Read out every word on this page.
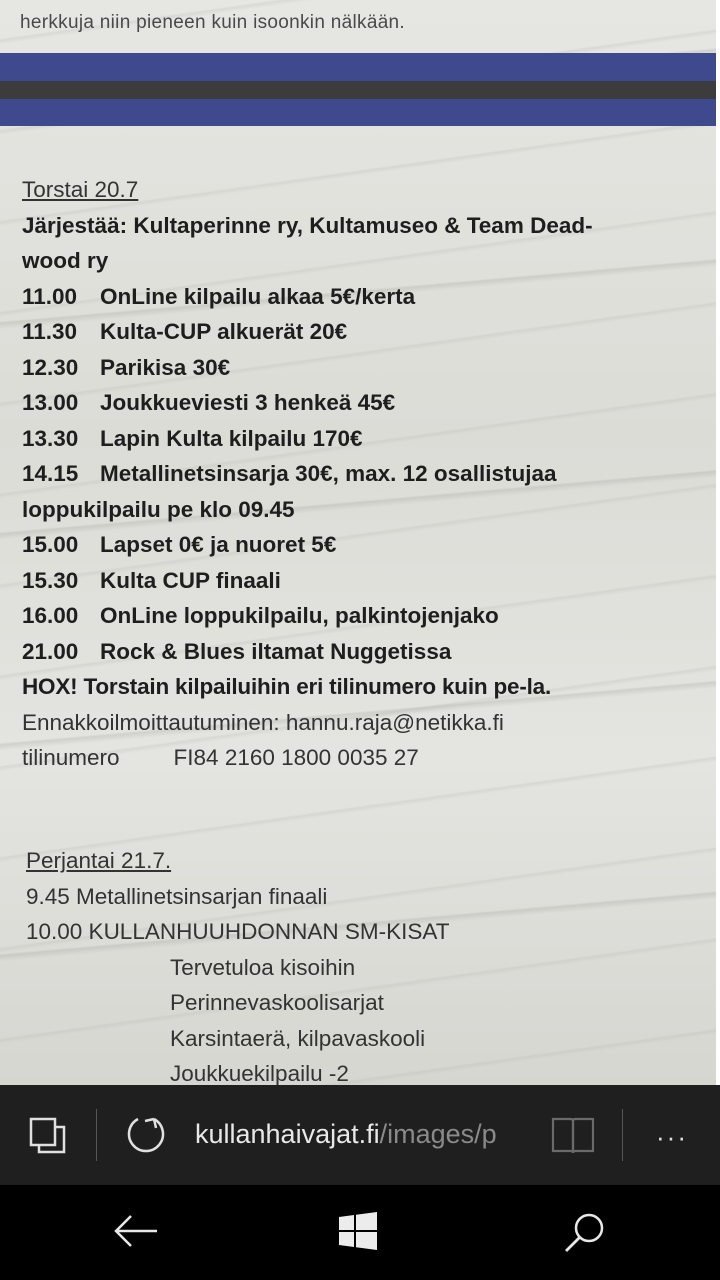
herkkuja niin pieneen kuin isoonkin nälkään.
Torstai 20.7
Järjestää: Kultaperinne ry, Kultamuseo & Team Dead-
wood ry
11.00 OnLine kilpailu alkaa 5€/kerta
11.30 Kulta-CUP alkuerät 20€
12.30 Parikisa 30€
13.00 Joukkueviesti 3 henkeä 45€
13.30 Lapin Kulta kilpailu 170€
14.15 Metallinetsinsarja 30€, max. 12 osallistujaa
loppukilpailu pe klo 09.45
15.00 Lapset 0€ ja nuoret 5€
15.30 Kulta CUP finaali
16.00 OnLine loppukilpailu, palkintojenjako
21.00 Rock & Blues iltamat Nuggetissa
HOX! Torstain kilpailuihin eri tilinumero kuin pe-la.
Ennakkoilmoittautuminen: hannu.raja@netikka.fi
tilinumero FI84 2160 1800 0035 27
Perjantai 21.7.
9.45 Metallinetsinsarjan finaali
10.00 KULLANHUUHDONNAN SM-KISAT
Tervetuloa kisoihin
Perinnevaskoolisarjat
Karsintaerä, kilpavaskooli
Joukkuekilpailu -2
kullanhaivajat.fi/images/p	···
